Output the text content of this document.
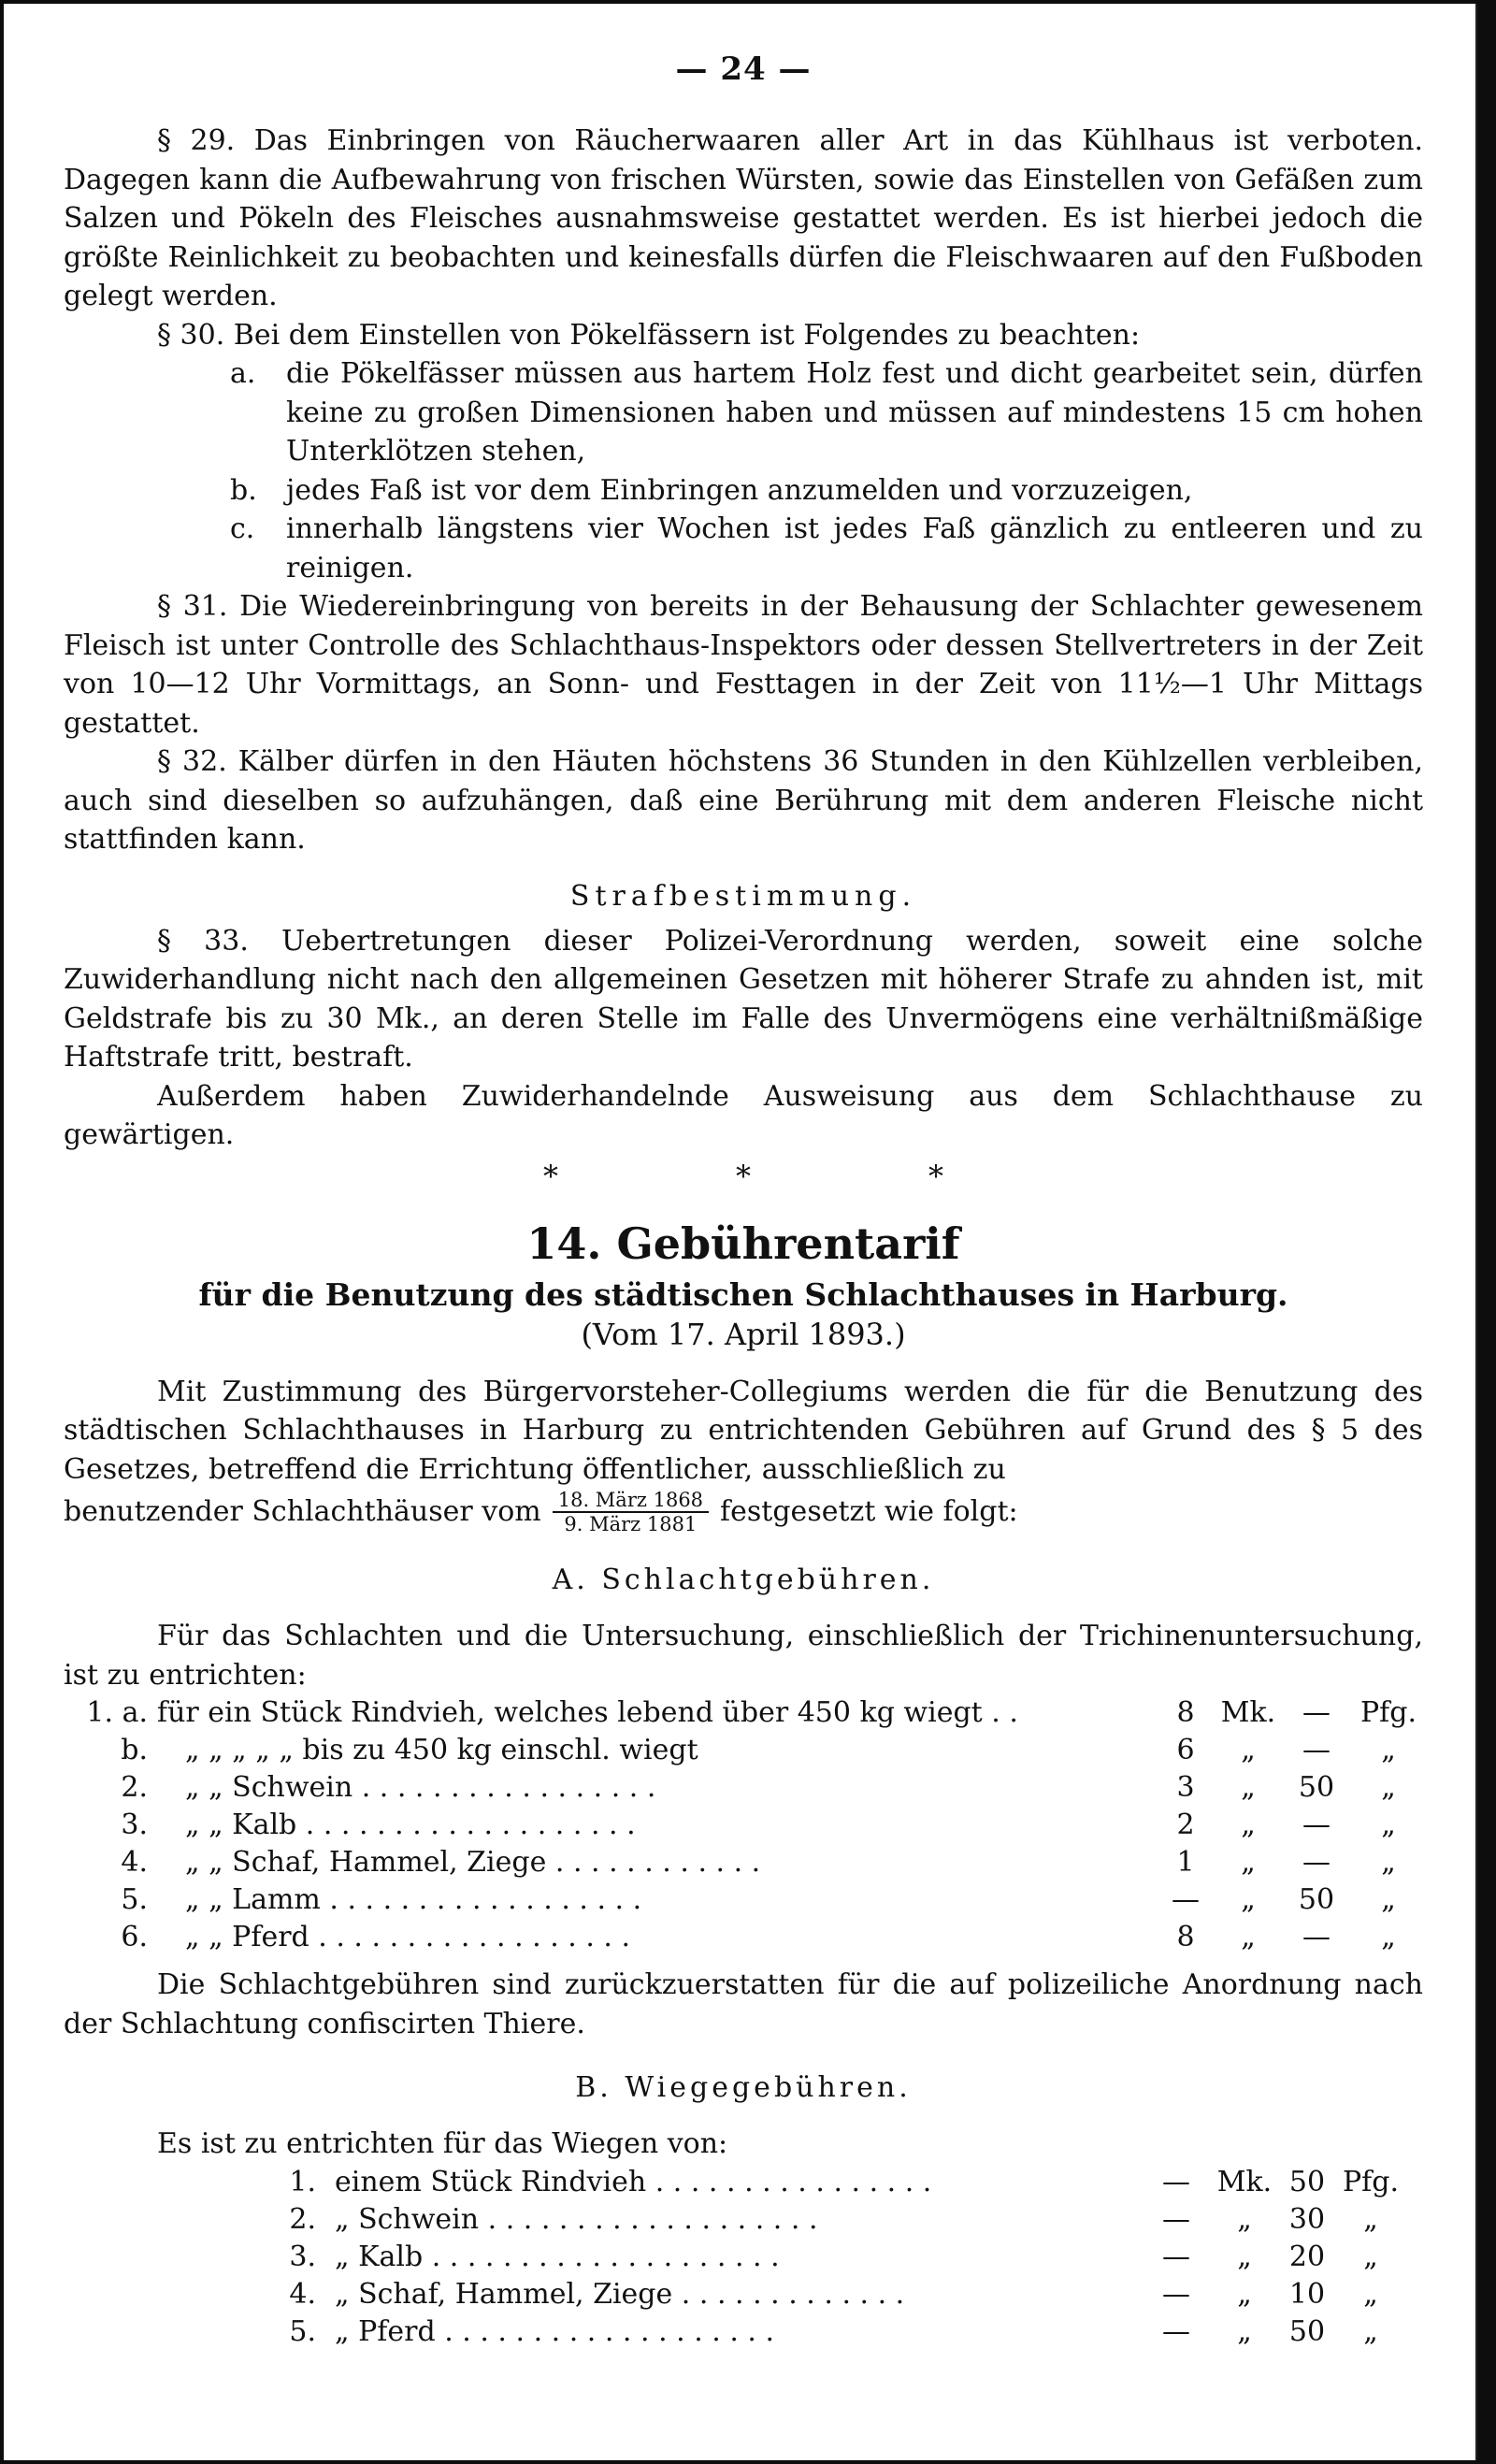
— 24 —

§ 29. Das Einbringen von Räucherwaaren aller Art in das Kühlhaus ist verboten. Dagegen kann die Aufbewahrung von frischen Würsten, sowie das Einstellen von Gefäßen zum Salzen und Pökeln des Fleisches ausnahmsweise gestattet werden. Es ist hierbei jedoch die größte Reinlichkeit zu beobachten und keinesfalls dürfen die Fleischwaaren auf den Fußboden gelegt werden.

§ 30. Bei dem Einstellen von Pökelfässern ist Folgendes zu beachten:

a.	die Pökelfässer müssen aus hartem Holz fest und dicht gearbeitet sein, dürfen keine zu großen Dimensionen haben und müssen auf mindestens 15 cm hohen Unterklötzen stehen,
b.	jedes Faß ist vor dem Einbringen anzumelden und vorzuzeigen,
c.	innerhalb längstens vier Wochen ist jedes Faß gänzlich zu entleeren und zu reinigen.

§ 31. Die Wiedereinbringung von bereits in der Behausung der Schlachter gewesenem Fleisch ist unter Controlle des Schlachthaus-Inspektors oder dessen Stellvertreters in der Zeit von 10—12 Uhr Vormittags, an Sonn- und Festtagen in der Zeit von 11½—1 Uhr Mittags gestattet.

§ 32. Kälber dürfen in den Häuten höchstens 36 Stunden in den Kühlzellen verbleiben, auch sind dieselben so aufzuhängen, daß eine Berührung mit dem anderen Fleische nicht stattfinden kann.

Strafbestimmung.

§ 33. Uebertretungen dieser Polizei-Verordnung werden, soweit eine solche Zuwiderhandlung nicht nach den allgemeinen Gesetzen mit höherer Strafe zu ahnden ist, mit Geldstrafe bis zu 30 Mk., an deren Stelle im Falle des Unvermögens eine verhältnißmäßige Haftstrafe tritt, bestraft.

Außerdem haben Zuwiderhandelnde Ausweisung aus dem Schlachthause zu gewärtigen.

*	*	*
14. Gebührentarif
für die Benutzung des städtischen Schlachthauses in Harburg.
(Vom 17. April 1893.)

Mit Zustimmung des Bürgervorsteher-Collegiums werden die für die Benutzung des städtischen Schlachthauses in Harburg zu entrichtenden Gebühren auf Grund des § 5 des Gesetzes, betreffend die Errichtung öffentlicher, ausschließlich zu

benutzender Schlachthäuser vom $\frac{\text{18. März 1868}}{\text{9. März 1881}}$ festgesetzt wie folgt:
A. Schlachtgebühren.

Für das Schlachten und die Untersuchung, einschließlich der Trichinenuntersuchung, ist zu entrichten:

1. a. für ein Stück Rindvieh, welches lebend über 450 kg wiegt . .	8 Mk. —	Pfg.
b. „ „ „ „ „ bis zu 450 kg einschl. wiegt	6	„	—	„
2. „ „ Schwein . . . . . . . . . . . . . . . . .	3	„	50	„
3. „ „ Kalb . . . . . . . . . . . . . . . . . . .	2	„	—	„
4. „ „ Schaf, Hammel, Ziege . . . . . . . . . . . .	1	„	—	„
5. „ „ Lamm . . . . . . . . . . . . . . . . . .	—	„	50	„
6. „ „ Pferd . . . . . . . . . . . . . . . . . .	8	„	—	„

Die Schlachtgebühren sind zurückzuerstatten für die auf polizeiliche Anordnung nach der Schlachtung confiscirten Thiere.

B. Wiegegebühren.

Es ist zu entrichten für das Wiegen von:

1. einem Stück Rindvieh . . . . . . . . . . . . . . . .	— Mk. 50 Pfg.
2. „ Schwein . . . . . . . . . . . . . . . . . . .	—	„	30	„
3. „ Kalb . . . . . . . . . . . . . . . . . . . .	—	„	20	„
4. „ Schaf, Hammel, Ziege . . . . . . . . . . . . .	—	„	10	„
5. „ Pferd . . . . . . . . . . . . . . . . . . .	—	„	50	„
